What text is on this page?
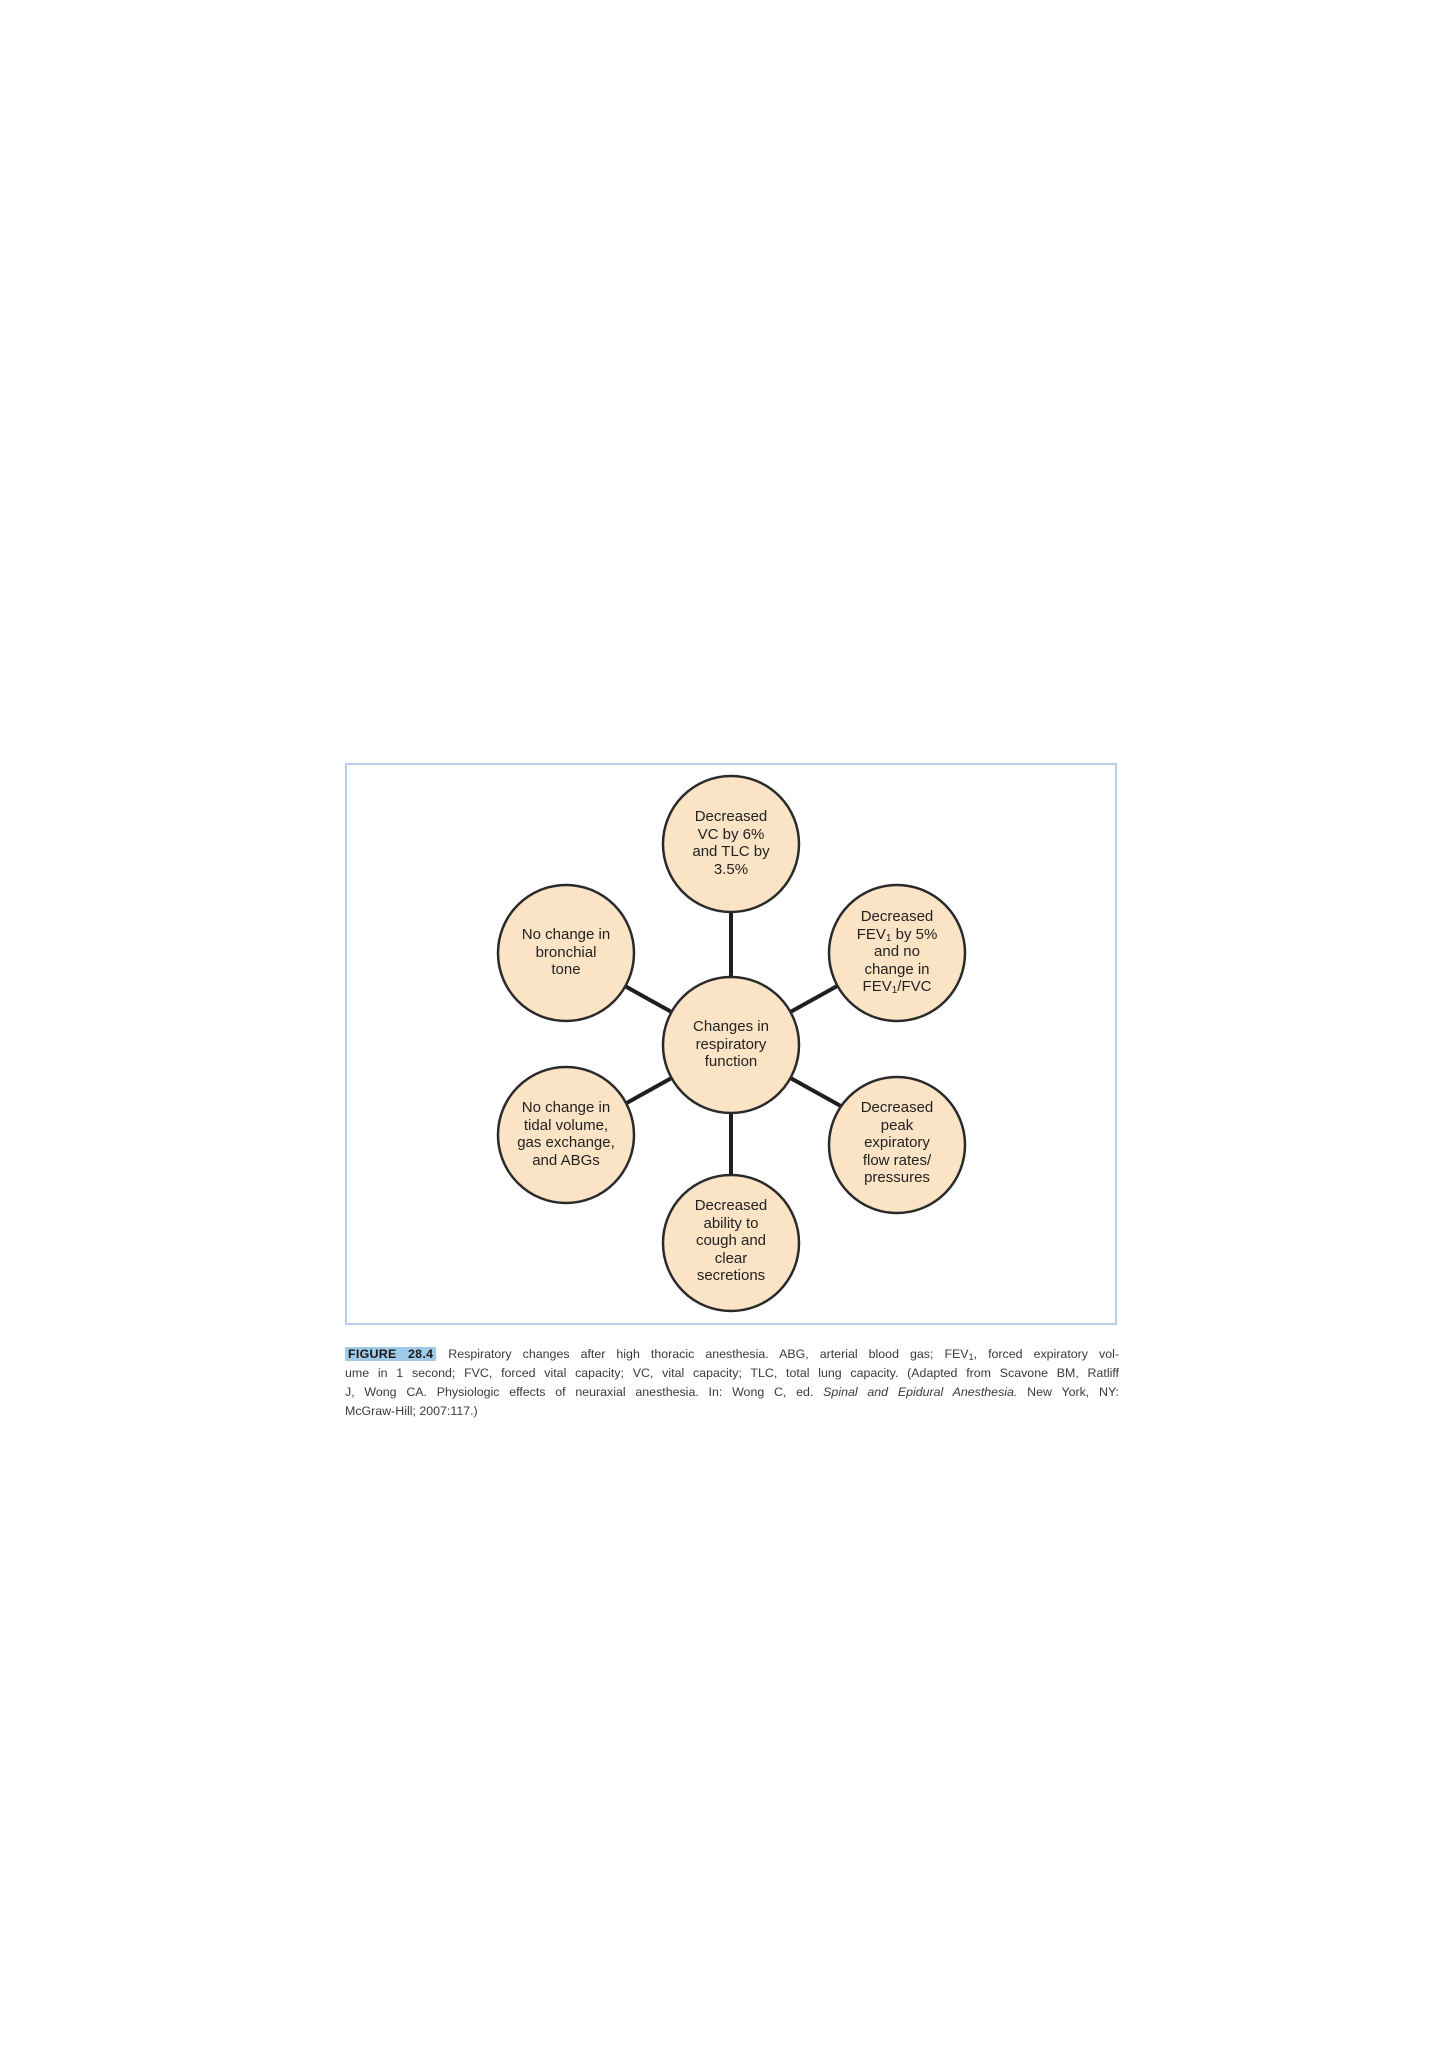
Changes in
respiratory
function
Decreased
VC by 6%
and TLC by
3.5%
Decreased
$FEV_1$ by 5%
and no
change in
$FEV_1$/FVC
Decreased
peak
expiratory
flow rates/
pressures
Decreased
ability to
cough and
clear
secretions
No change in
tidal volume,
gas exchange,
and ABGs
No change in
bronchial
tone
FIGURE 28.4 Respiratory changes after high thoracic anesthesia. ABG, arterial blood gas; $FEV_1$, forced expiratory vol-
ume in 1 second; FVC, forced vital capacity; VC, vital capacity; TLC, total lung capacity. (Adapted from Scavone BM, Ratliff
J, Wong CA. Physiologic effects of neuraxial anesthesia. In: Wong C, ed. Spinal and Epidural Anesthesia. New York, NY:
McGraw-Hill; 2007:117.)
